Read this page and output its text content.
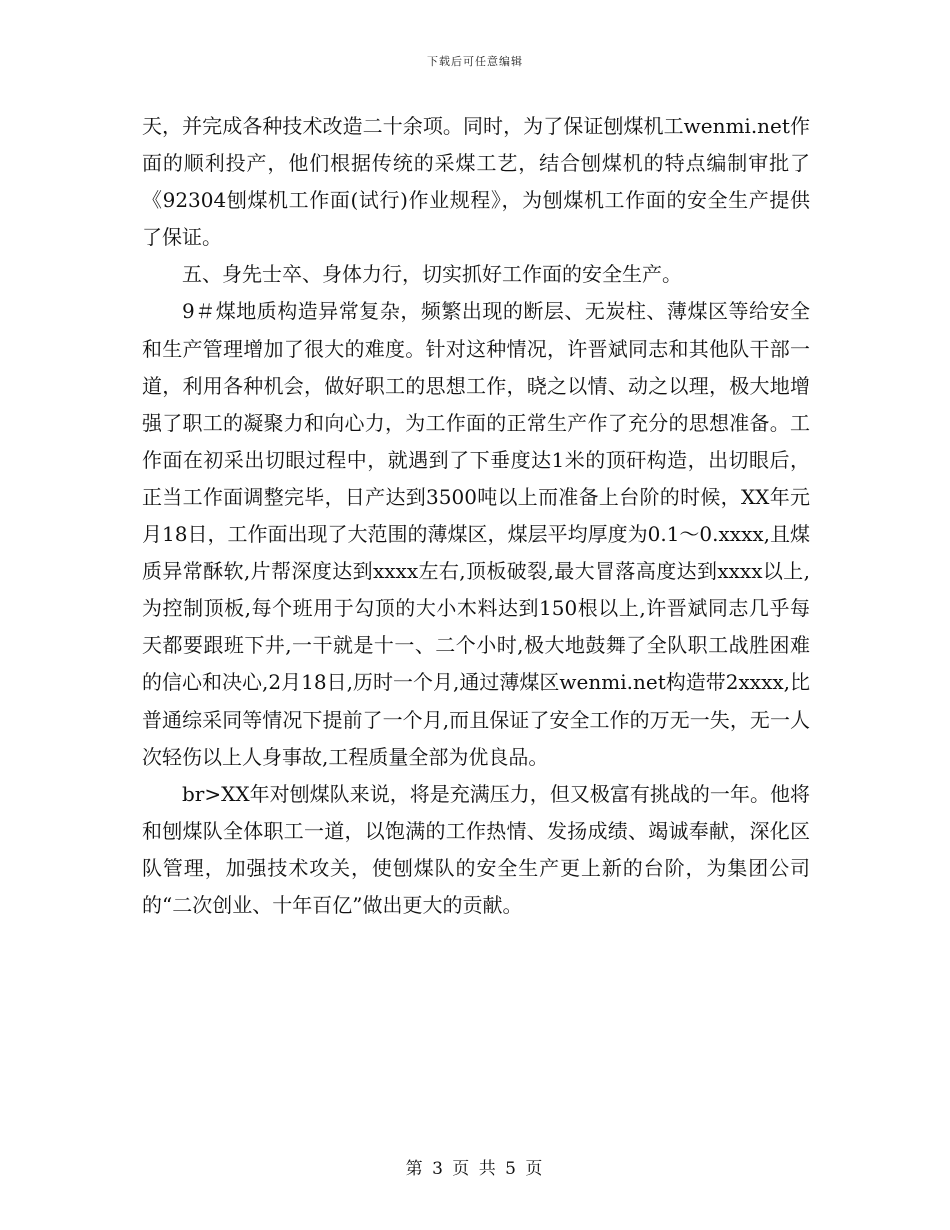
下载后可任意编辑

天，并完成各种技术改造二十余项。同时，为了保证刨煤机工wenmi.net作面的顺利投产，他们根据传统的采煤工艺，结合刨煤机的特点编制审批了《92304刨煤机工作面(试行)作业规程》，为刨煤机工作面的安全生产提供了保证。

五、身先士卒、身体力行，切实抓好工作面的安全生产。

9＃煤地质构造异常复杂，频繁出现的断层、无炭柱、薄煤区等给安全和生产管理增加了很大的难度。针对这种情况，许晋斌同志和其他队干部一道，利用各种机会，做好职工的思想工作，晓之以情、动之以理，极大地增强了职工的凝聚力和向心力，为工作面的正常生产作了充分的思想准备。工作面在初采出切眼过程中，就遇到了下垂度达1米的顶矸构造，出切眼后，正当工作面调整完毕，日产达到3500吨以上而准备上台阶的时候，XX年元月18日，工作面出现了大范围的薄煤区，煤层平均厚度为0.1～0.xxxx,且煤质异常酥软,片帮深度达到xxxx左右,顶板破裂,最大冒落高度达到xxxx以上,为控制顶板,每个班用于勾顶的大小木料达到150根以上,许晋斌同志几乎每天都要跟班下井,一干就是十一、二个小时,极大地鼓舞了全队职工战胜困难的信心和决心,2月18日,历时一个月,通过薄煤区wenmi.net构造带2xxxx,比普通综采同等情况下提前了一个月,而且保证了安全工作的万无一失，无一人次轻伤以上人身事故,工程质量全部为优良品。

br>XX年对刨煤队来说，将是充满压力，但又极富有挑战的一年。他将和刨煤队全体职工一道，以饱满的工作热情、发扬成绩、竭诚奉献，深化区队管理，加强技术攻关，使刨煤队的安全生产更上新的台阶，为集团公司的“二次创业、十年百亿”做出更大的贡献。

第 3 页 共 5 页
